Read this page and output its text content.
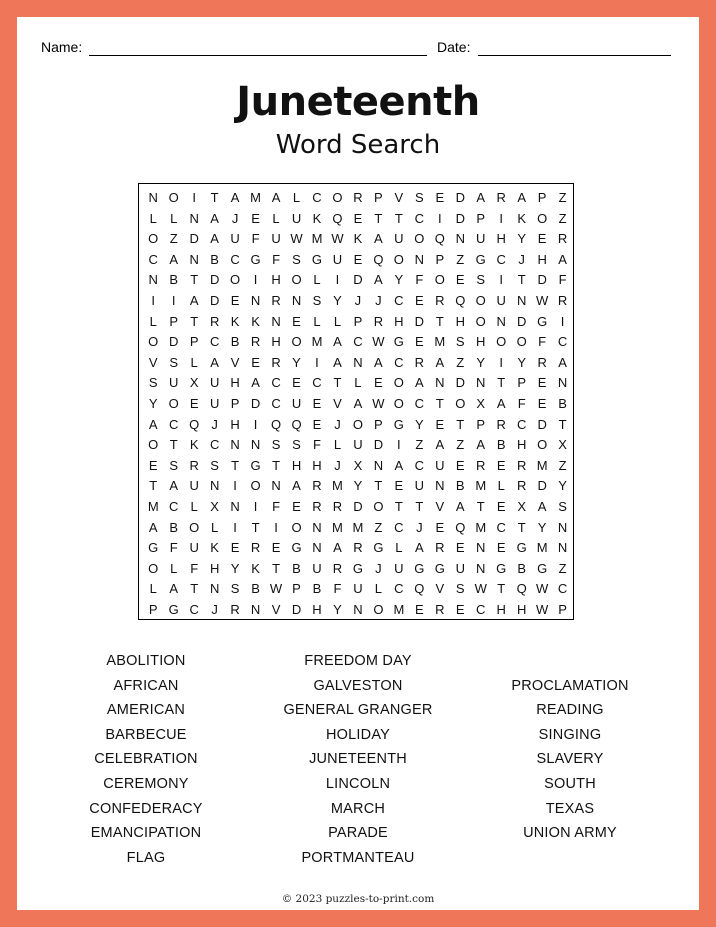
Name:	Date:
Juneteenth
Word Search
N O	I	T A M A L C O R P V S E D A R A P Z
L	L N A J E L U K Q E T T C	I	D P	I	K O Z
O Z D A U F U W M W K A U O Q N U H Y E R
C A N B C G F S G U E Q O N P Z G C J H A
N B T D O	I	H O L	I	D A Y F O E S	I	T D F
I	I	A D E N R N S Y J	J C E R Q O U N W R
L P T R K K N E L	L P R H D T H O N D G	I
O D P C B R H O M A C W G E M S H O O F C
V S L A V E R Y	I	A N A C R A Z Y	I	Y R A
S U X U H A C E C T L E O A N D N T P E N
Y O E U P D C U E V A W O C T O X A F E B
A C Q J H	I	Q Q E J O P G Y E T P R C D T
O T K C N N S S F L U D	I	Z A Z A B H O X
E S R S T G T H H J X N A C U E R E R M Z
T A U N	I	O N A R M Y T E U N B M L R D Y
M C L X N	I	F E R R D O T T V A T E X A S
A B O L	I	T	I	O N M M Z C J E Q M C T Y N
G F U K E R E G N A R G L A R E N E G M N
O L F H Y K T B U R G J U G G U N G B G Z
L A T N S B W P B F U L C Q V S W T Q W C
P G C J R N V D H Y N O M E R E C H H W P
ABOLITION
AFRICAN
AMERICAN
BARBECUE
CELEBRATION
CEREMONY
CONFEDERACY
EMANCIPATION
FLAG
FREEDOM DAY
GALVESTON
GENERAL GRANGER
HOLIDAY
JUNETEENTH
LINCOLN
MARCH
PARADE
PORTMANTEAU
PROCLAMATION
READING
SINGING
SLAVERY
SOUTH
TEXAS
UNION ARMY
© 2023 puzzles-to-print.com
